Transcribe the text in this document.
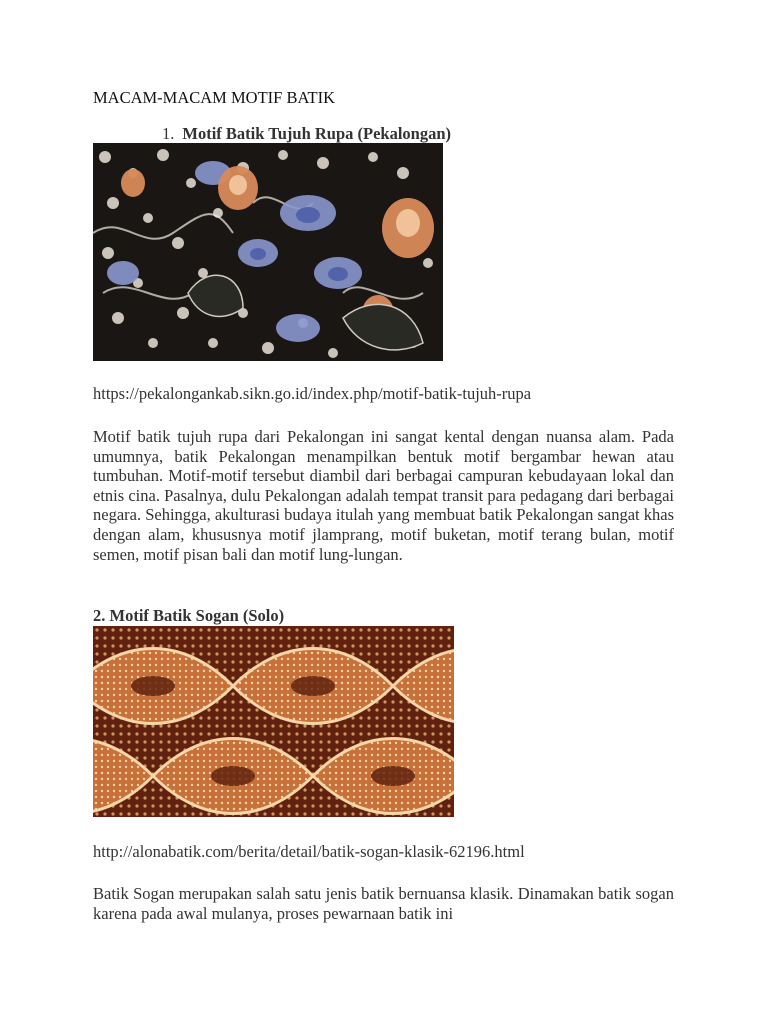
MACAM-MACAM MOTIF BATIK
1. Motif Batik Tujuh Rupa (Pekalongan)
https://pekalongankab.sikn.go.id/index.php/motif-batik-tujuh-rupa
Motif batik tujuh rupa dari Pekalongan ini sangat kental dengan nuansa alam. Pada umumnya, batik Pekalongan menampilkan bentuk motif bergambar hewan atau tumbuhan. Motif-motif tersebut diambil dari berbagai campuran kebudayaan lokal dan etnis cina. Pasalnya, dulu Pekalongan adalah tempat transit para pedagang dari berbagai negara. Sehingga, akulturasi budaya itulah yang membuat batik Pekalongan sangat khas dengan alam, khususnya motif jlamprang, motif buketan, motif terang bulan, motif semen, motif pisan bali dan motif lung-lungan.
2. Motif Batik Sogan (Solo)
http://alonabatik.com/berita/detail/batik-sogan-klasik-62196.html
Batik Sogan merupakan salah satu jenis batik bernuansa klasik. Dinamakan batik sogan karena pada awal mulanya, proses pewarnaan batik ini
